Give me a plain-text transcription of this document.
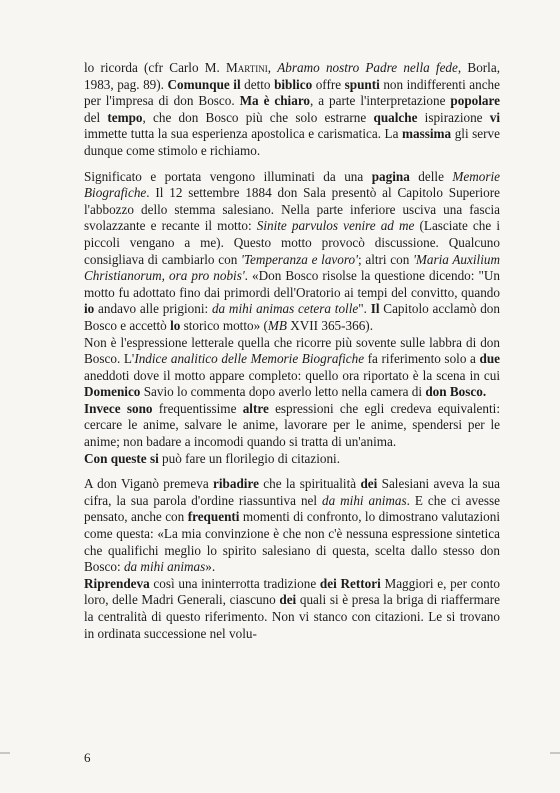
lo ricorda (cfr Carlo M. Martini, Abramo nostro Padre nella fede, Borla, 1983, pag. 89). Comunque il detto biblico offre spunti non indifferenti anche per l'impresa di don Bosco. Ma è chiaro, a parte l'interpretazione popolare del tempo, che don Bosco più che solo estrarne qualche ispirazione vi immette tutta la sua esperienza apostolica e carismatica. La massima gli serve dunque come stimolo e richiamo.

Significato e portata vengono illuminati da una pagina delle Memorie Biografiche. Il 12 settembre 1884 don Sala presentò al Capitolo Superiore l'abbozzo dello stemma salesiano. Nella parte inferiore usciva una fascia svolazzante e recante il motto: Sinite parvulos venire ad me (Lasciate che i piccoli vengano a me). Questo motto provocò discussione. Qualcuno consigliava di cambiarlo con 'Temperanza e lavoro'; altri con 'Maria Auxilium Christianorum, ora pro nobis'. «Don Bosco risolse la questione dicendo: "Un motto fu adottato fino dai primordi dell'Oratorio ai tempi del convitto, quando io andavo alle prigioni: da mihi animas cetera tolle". Il Capitolo acclamò don Bosco e accettò lo storico motto» (MB XVII 365-366).

Non è l'espressione letterale quella che ricorre più sovente sulle labbra di don Bosco. L'Indice analitico delle Memorie Biografiche fa riferimento solo a due aneddoti dove il motto appare completo: quello ora riportato è la scena in cui Domenico Savio lo commenta dopo averlo letto nella camera di don Bosco.

Invece sono frequentissime altre espressioni che egli credeva equivalenti: cercare le anime, salvare le anime, lavorare per le anime, spendersi per le anime; non badare a incomodi quando si tratta di un'anima.

Con queste si può fare un florilegio di citazioni.

A don Viganò premeva ribadire che la spiritualità dei Salesiani aveva la sua cifra, la sua parola d'ordine riassuntiva nel da mihi animas. E che ci avesse pensato, anche con frequenti momenti di confronto, lo dimostrano valutazioni come questa: «La mia convinzione è che non c'è nessuna espressione sintetica che qualifichi meglio lo spirito salesiano di questa, scelta dallo stesso don Bosco: da mihi animas».

Riprendeva così una ininterrotta tradizione dei Rettori Maggiori e, per conto loro, delle Madri Generali, ciascuno dei quali si è presa la briga di riaffermare la centralità di questo riferimento. Non vi stanco con citazioni. Le si trovano in ordinata successione nel volu-

6
